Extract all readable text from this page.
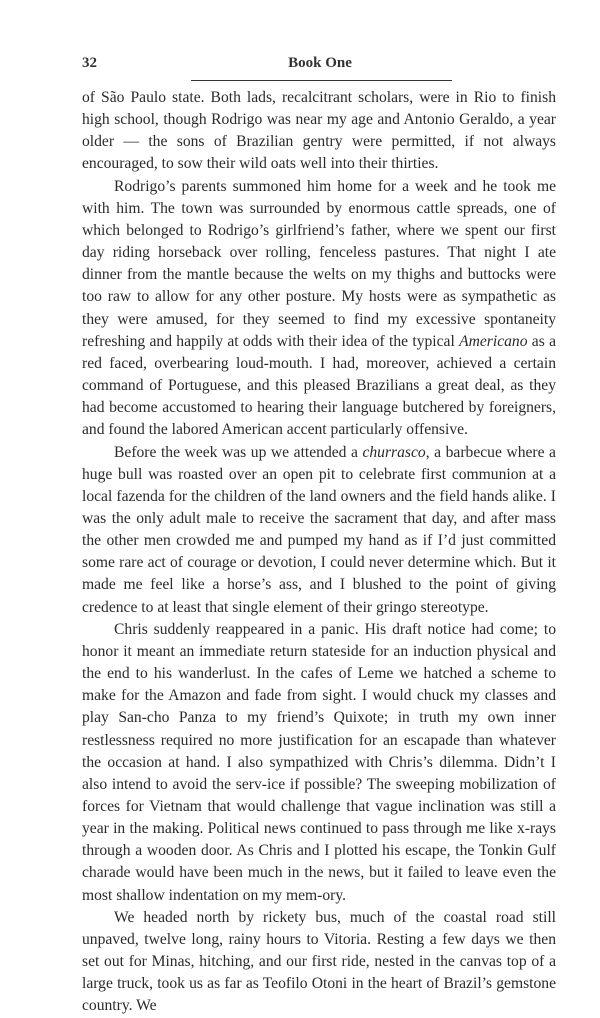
32	Book One

of São Paulo state. Both lads, recalcitrant scholars, were in Rio to finish high school, though Rodrigo was near my age and Antonio Geraldo, a year older — the sons of Brazilian gentry were permitted, if not always encouraged, to sow their wild oats well into their thirties.

Rodrigo’s parents summoned him home for a week and he took me with him. The town was surrounded by enormous cattle spreads, one of which belonged to Rodrigo’s girlfriend’s father, where we spent our first day riding horseback over rolling, fenceless pastures. That night I ate dinner from the mantle because the welts on my thighs and buttocks were too raw to allow for any other posture. My hosts were as sympathetic as they were amused, for they seemed to find my excessive spontaneity refreshing and happily at odds with their idea of the typical Americano as a red faced, overbearing loud-mouth. I had, moreover, achieved a certain command of Portuguese, and this pleased Brazilians a great deal, as they had become accustomed to hearing their language butchered by foreigners, and found the labored American accent particularly offensive.

Before the week was up we attended a churrasco, a barbecue where a huge bull was roasted over an open pit to celebrate first communion at a local fazenda for the children of the land owners and the field hands alike. I was the only adult male to receive the sacrament that day, and after mass the other men crowded me and pumped my hand as if I’d just committed some rare act of courage or devotion, I could never determine which. But it made me feel like a horse’s ass, and I blushed to the point of giving credence to at least that single element of their gringo stereotype.

Chris suddenly reappeared in a panic. His draft notice had come; to honor it meant an immediate return stateside for an induction physical and the end to his wanderlust. In the cafes of Leme we hatched a scheme to make for the Amazon and fade from sight. I would chuck my classes and play San-cho Panza to my friend’s Quixote; in truth my own inner restlessness required no more justification for an escapade than whatever the occasion at hand. I also sympathized with Chris’s dilemma. Didn’t I also intend to avoid the serv-ice if possible? The sweeping mobilization of forces for Vietnam that would challenge that vague inclination was still a year in the making. Political news continued to pass through me like x-rays through a wooden door. As Chris and I plotted his escape, the Tonkin Gulf charade would have been much in the news, but it failed to leave even the most shallow indentation on my mem-ory.

We headed north by rickety bus, much of the coastal road still unpaved, twelve long, rainy hours to Vitoria. Resting a few days we then set out for Minas, hitching, and our first ride, nested in the canvas top of a large truck, took us as far as Teofilo Otoni in the heart of Brazil’s gemstone country. We
